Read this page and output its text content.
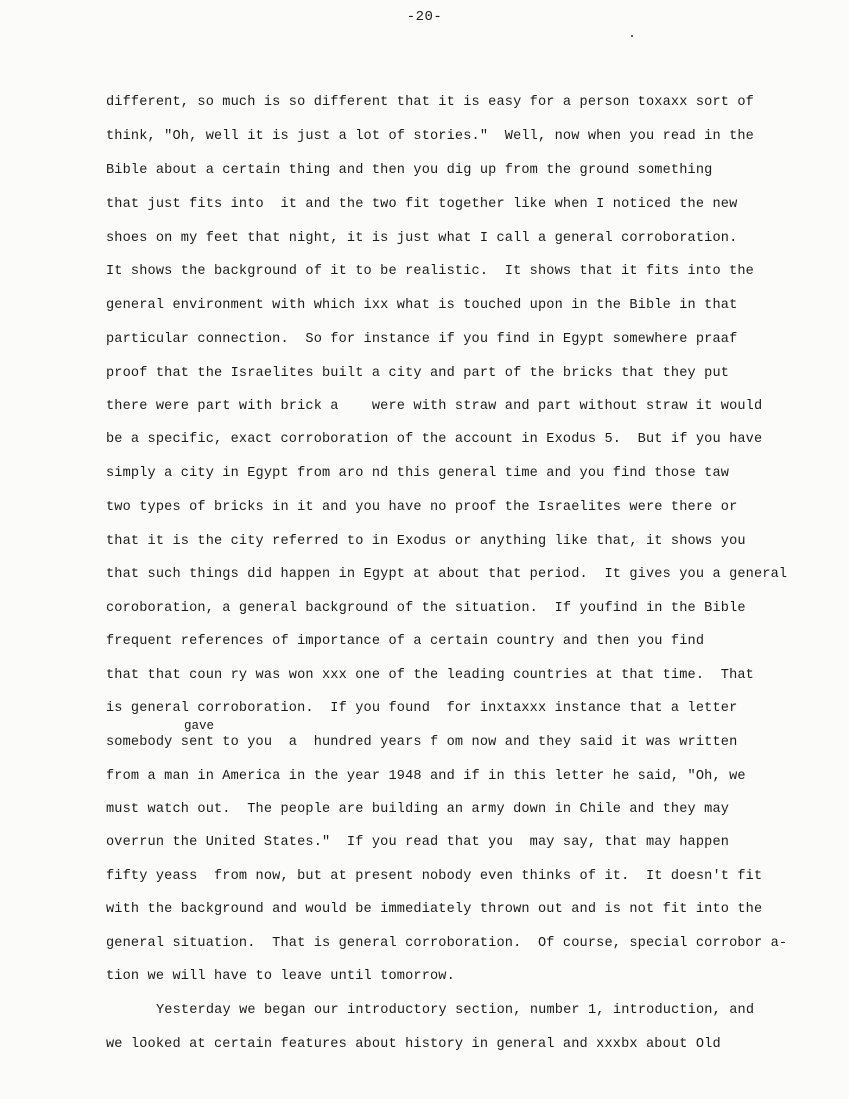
-20-
gave
different, so much is so different that it is easy for a person toxaxx sort of
think, "Oh, well it is just a lot of stories."  Well, now when you read in the
Bible about a certain thing and then you dig up from the ground something
that just fits into  it and the two fit together like when I noticed the new
shoes on my feet that night, it is just what I call a general corroboration.
It shows the background of it to be realistic.  It shows that it fits into the
general environment with which ixx what is touched upon in the Bible in that
particular connection.  So for instance if you find in Egypt somewhere praaf
proof that the Israelites built a city and part of the bricks that they put
there were part with brick a    were with straw and part without straw it would
be a specific, exact corroboration of the account in Exodus 5.  But if you have
simply a city in Egypt from aro nd this general time and you find those taw
two types of bricks in it and you have no proof the Israelites were there or
that it is the city referred to in Exodus or anything like that, it shows you
that such things did happen in Egypt at about that period.  It gives you a general
coroboration, a general background of the situation.  If youfind in the Bible
frequent references of importance of a certain country and then you find
that that coun ry was won xxx one of the leading countries at that time.  That
is general corroboration.  If you found  for inxtaxxx instance that a letter
somebody sent to you  a  hundred years f om now and they said it was written
from a man in America in the year 1948 and if in this letter he said, "Oh, we
must watch out.  The people are building an army down in Chile and they may
overrun the United States."  If you read that you  may say, that may happen
fifty yeass  from now, but at present nobody even thinks of it.  It doesn't fit
with the background and would be immediately thrown out and is not fit into the
general situation.  That is general corroboration.  Of course, special corrobor a-
tion we will have to leave until tomorrow.
Yesterday we began our introductory section, number 1, introduction, and
we looked at certain features about history in general and xxxbx about Old
